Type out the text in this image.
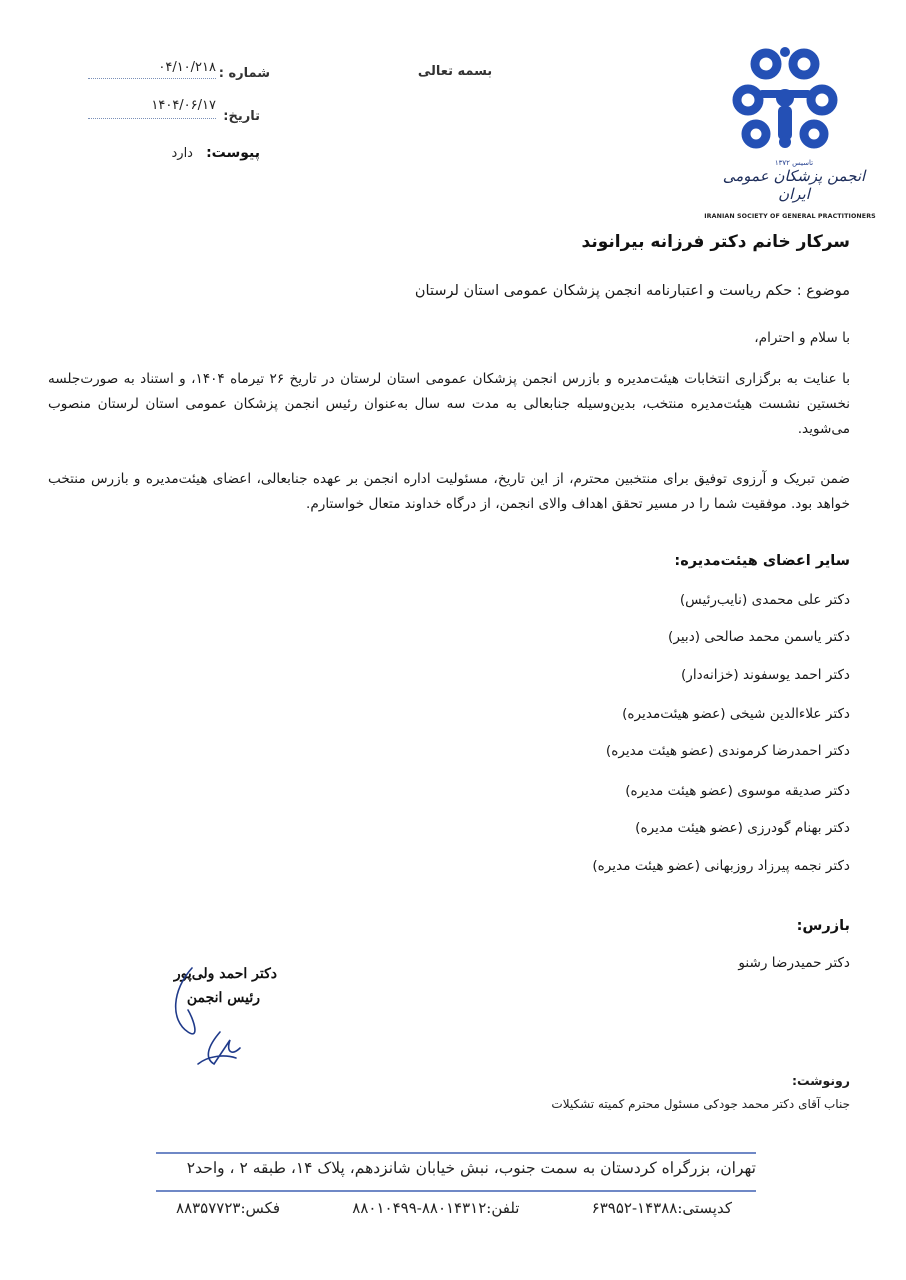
شماره :
۰۴/۱۰/۲۱۸
تاریخ:
۱۴۰۴/۰۶/۱۷
پیوست: دارد
بسمه تعالی
تاسیس ۱۳۷۲
انجمن پزشکان عمومی ایران
IRANIAN SOCIETY OF GENERAL PRACTITIONERS
سرکار خانم دکتر فرزانه بیرانوند
موضوع : حکم ریاست و اعتبارنامه انجمن پزشکان عمومی استان لرستان
با سلام و احترام،
با عنایت به برگزاری انتخابات هیئت‌مدیره و بازرس انجمن پزشکان عمومی استان لرستان در تاریخ ۲۶ تیرماه ۱۴۰۴، و استناد به صورت‌جلسه نخستین نشست هیئت‌مدیره منتخب، بدین‌وسیله جنابعالی به مدت سه سال به‌عنوان رئیس انجمن پزشکان عمومی استان لرستان منصوب می‌شوید.
ضمن تبریک و آرزوی توفیق برای منتخبین محترم، از این تاریخ، مسئولیت اداره انجمن بر عهده جنابعالی، اعضای هیئت‌مدیره و بازرس منتخب خواهد بود. موفقیت شما را در مسیر تحقق اهداف والای انجمن، از درگاه خداوند متعال خواستارم.
سایر اعضای هیئت‌مدیره:
دکتر علی محمدی (نایب‌رئیس)
دکتر یاسمن محمد صالحی (دبیر)
دکتر احمد یوسفوند (خزانه‌دار)
دکتر علاءالدین شیخی (عضو هیئت‌مدیره)
دکتر احمدرضا کرموندی (عضو هیئت مدیره)
دکتر صدیقه موسوی (عضو هیئت مدیره)
دکتر بهنام گودرزی (عضو هیئت مدیره)
دکتر نجمه پیرزاد روزبهانی (عضو هیئت مدیره)
بازرس:
دکتر حمیدرضا رشنو
دکتر احمد ولی‌پور
رئیس انجمن
رونوشت:
جناب آقای دکتر محمد جودکی مسئول محترم کمیته تشکیلات
تهران، بزرگراه کردستان به سمت جنوب، نبش خیابان شانزدهم، پلاک ۱۴، طبقه ۲ ، واحد۲
کدپستی:۱۴۳۸۸-۶۳۹۵۲
تلفن:۸۸۰۱۴۳۱۲-۸۸۰۱۰۴۹۹
فکس:۸۸۳۵۷۷۲۳
